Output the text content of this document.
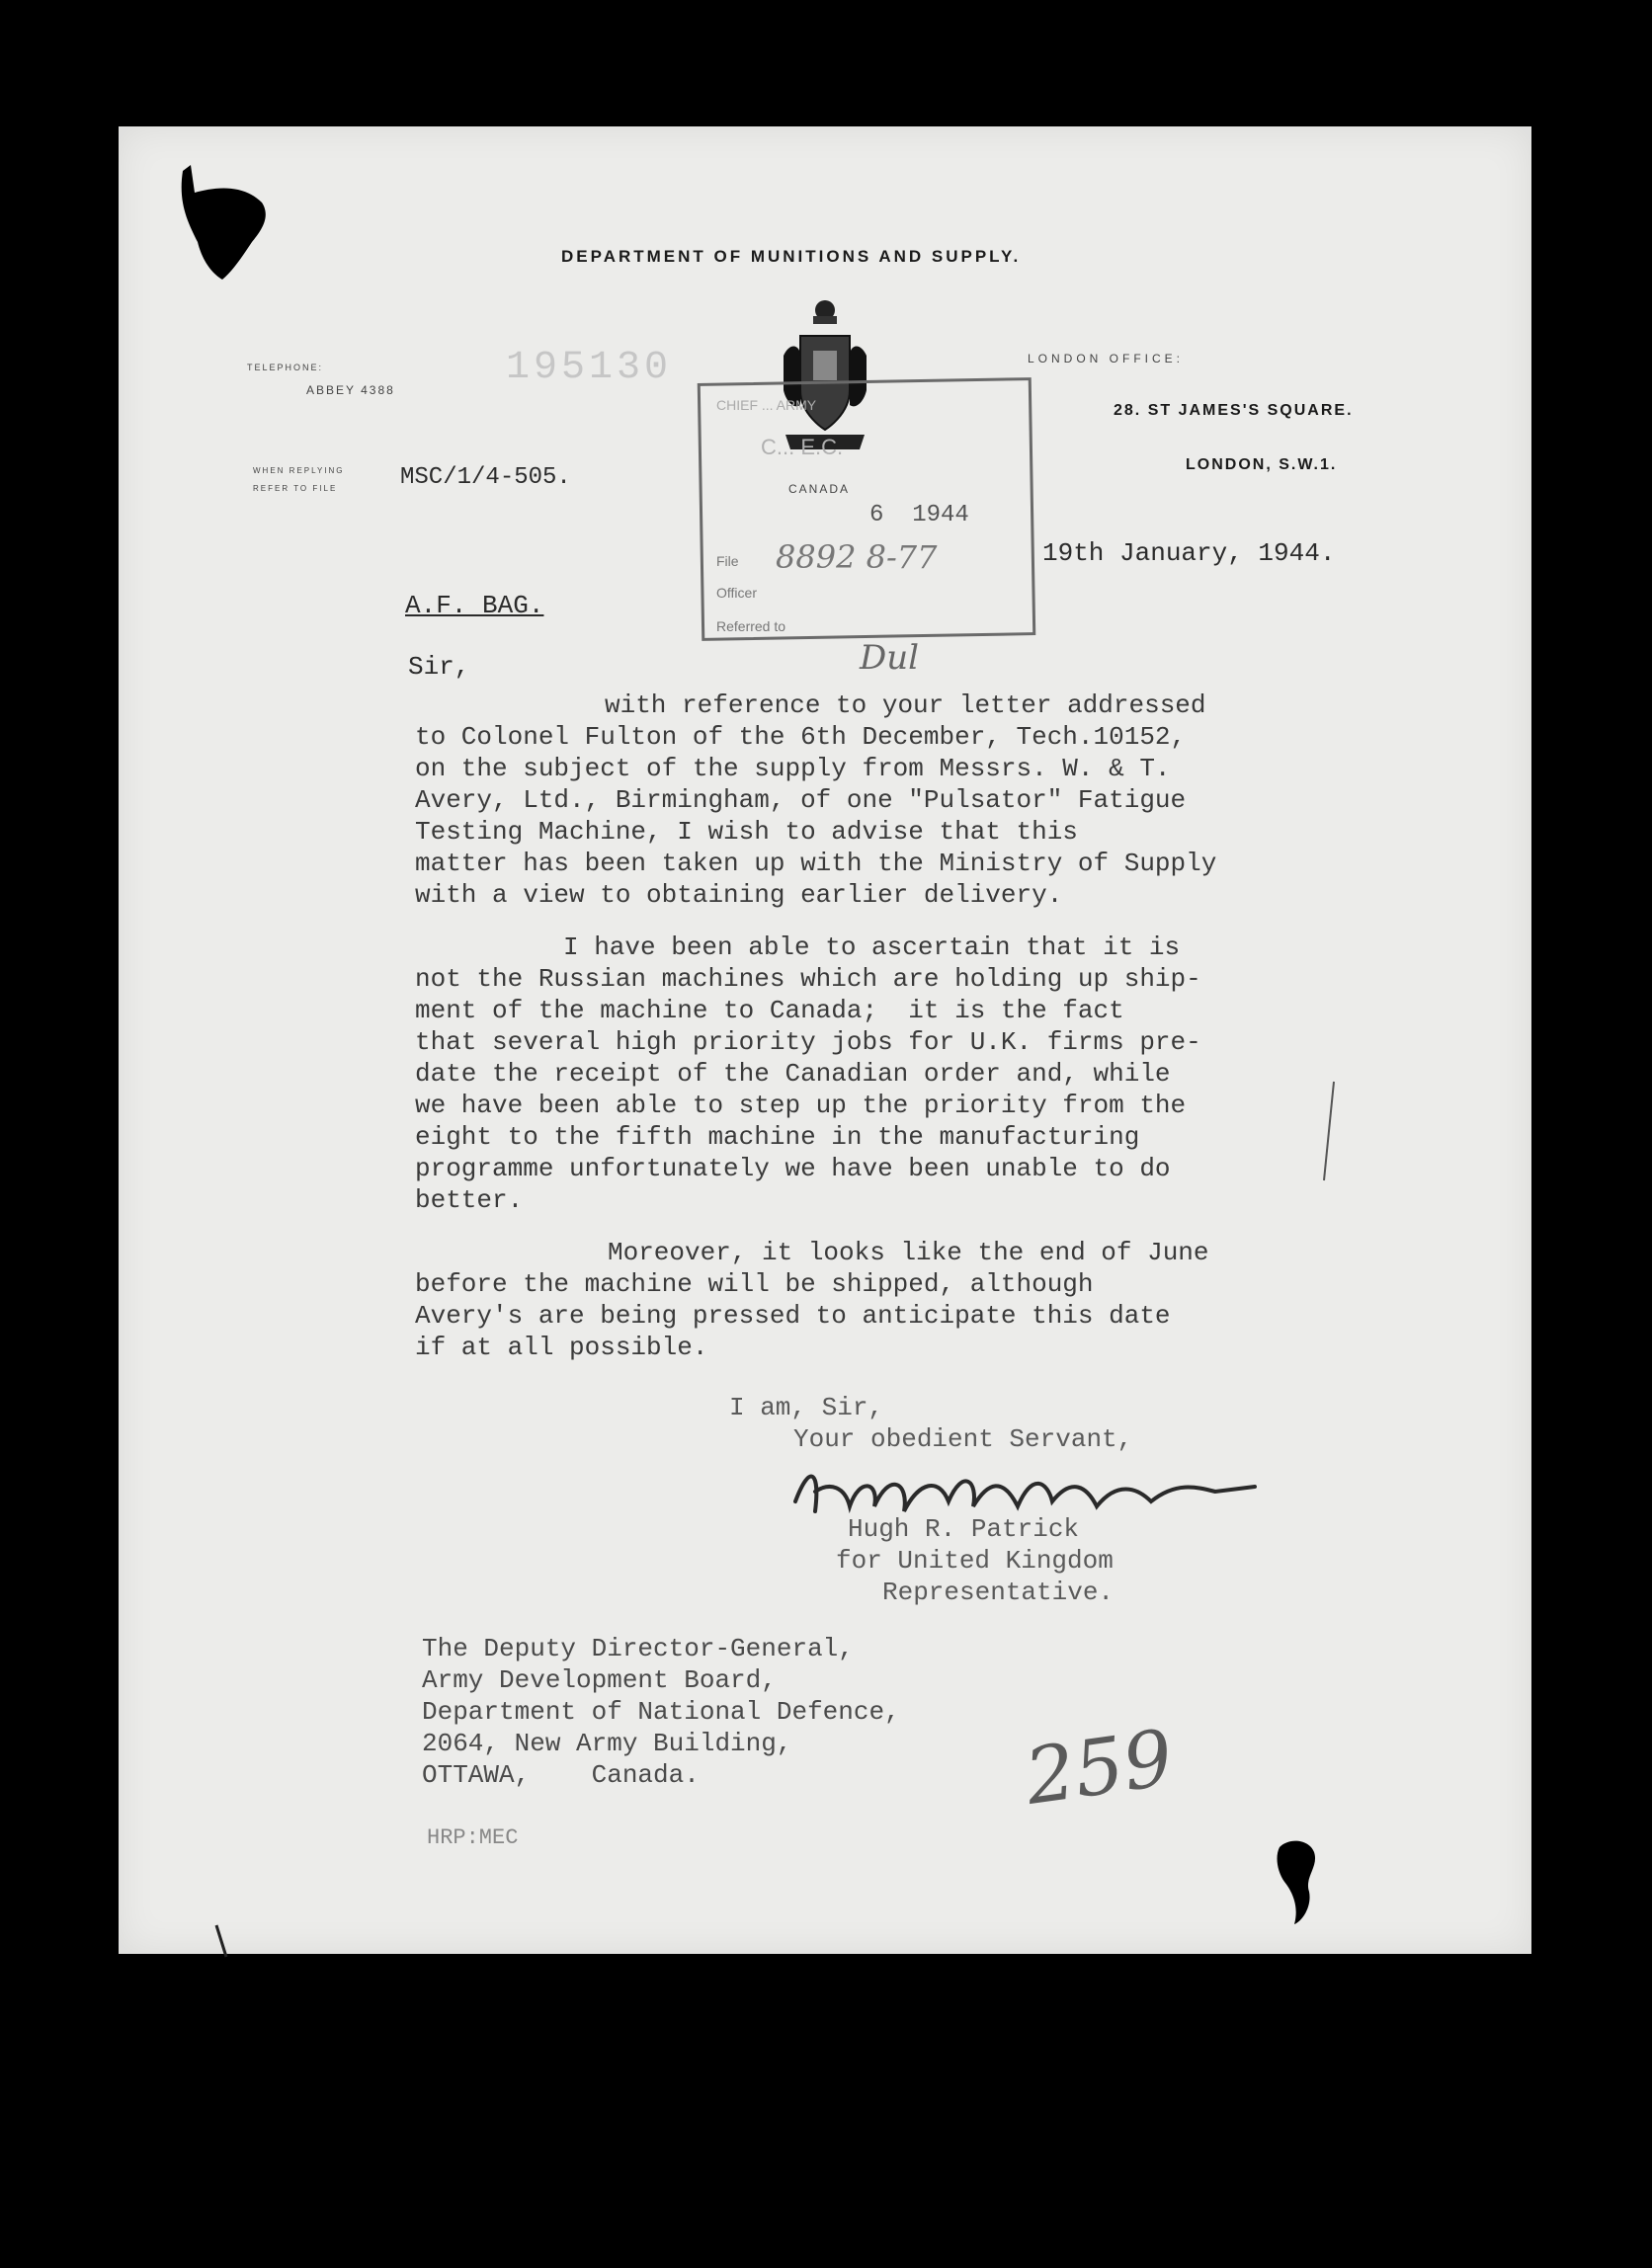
DEPARTMENT OF MUNITIONS AND SUPPLY.
TELEPHONE:
ABBEY 4388	195130
CANADA
LONDON OFFICE:
28. ST JAMES'S SQUARE.
LONDON, S.W.1.
WHEN REPLYING
REFER TO FILE	MSC/1/4-505.
CHIEF ... ARMY
C... E.C.
6  1944
File 8892 8-77
Officer
Referred to
Dul
19th January, 1944.
A.F. BAG.
Sir,
with reference to your letter addressed
to Colonel Fulton of the 6th December, Tech.10152,
on the subject of the supply from Messrs. W. & T.
Avery, Ltd., Birmingham, of one "Pulsator" Fatigue
Testing Machine, I wish to advise that this
matter has been taken up with the Ministry of Supply
with a view to obtaining earlier delivery.
I have been able to ascertain that it is
not the Russian machines which are holding up ship-
ment of the machine to Canada;  it is the fact
that several high priority jobs for U.K. firms pre-
date the receipt of the Canadian order and, while
we have been able to step up the priority from the
eight to the fifth machine in the manufacturing
programme unfortunately we have been unable to do
better.
Moreover, it looks like the end of June
before the machine will be shipped, although
Avery's are being pressed to anticipate this date
if at all possible.
I am, Sir,
Your obedient Servant,
Hugh R. Patrick
for United Kingdom
Representative.
The Deputy Director-General,
Army Development Board,
Department of National Defence,
2064, New Army Building,
OTTAWA,    Canada.
HRP:MEC
259
